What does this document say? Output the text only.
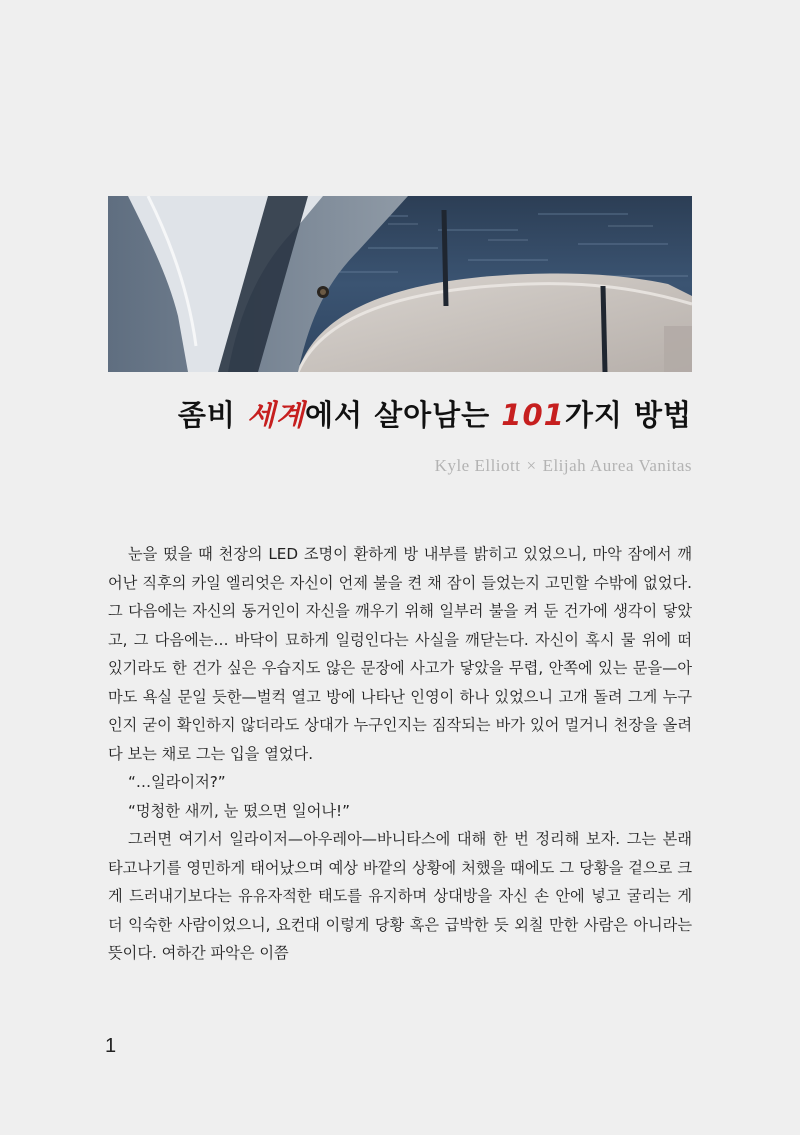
좀비 세계에서 살아남는 101가지 방법
Kyle Elliott × Elijah Aurea Vanitas

눈을 떴을 때 천장의 LED 조명이 환하게 방 내부를 밝히고 있었으니, 마악 잠에서 깨어난 직후의 카일 엘리엇은 자신이 언제 불을 켠 채 잠이 들었는지 고민할 수밖에 없었다. 그 다음에는 자신의 동거인이 자신을 깨우기 위해 일부러 불을 켜 둔 건가에 생각이 닿았고, 그 다음에는… 바닥이 묘하게 일렁인다는 사실을 깨닫는다. 자신이 혹시 물 위에 떠 있기라도 한 건가 싶은 우습지도 않은 문장에 사고가 닿았을 무렵, 안쪽에 있는 문을—아마도 욕실 문일 듯한—벌컥 열고 방에 나타난 인영이 하나 있었으니 고개 돌려 그게 누구인지 굳이 확인하지 않더라도 상대가 누구인지는 짐작되는 바가 있어 멀거니 천장을 올려다 보는 채로 그는 입을 열었다.

“…일라이저?”

“멍청한 새끼, 눈 떴으면 일어나!”

그러면 여기서 일라이저—아우레아—바니타스에 대해 한 번 정리해 보자. 그는 본래 타고나기를 영민하게 태어났으며 예상 바깥의 상황에 처했을 때에도 그 당황을 겉으로 크게 드러내기보다는 유유자적한 태도를 유지하며 상대방을 자신 손 안에 넣고 굴리는 게 더 익숙한 사람이었으니, 요컨대 이렇게 당황 혹은 급박한 듯 외칠 만한 사람은 아니라는 뜻이다. 여하간 파악은 이쯤

1
